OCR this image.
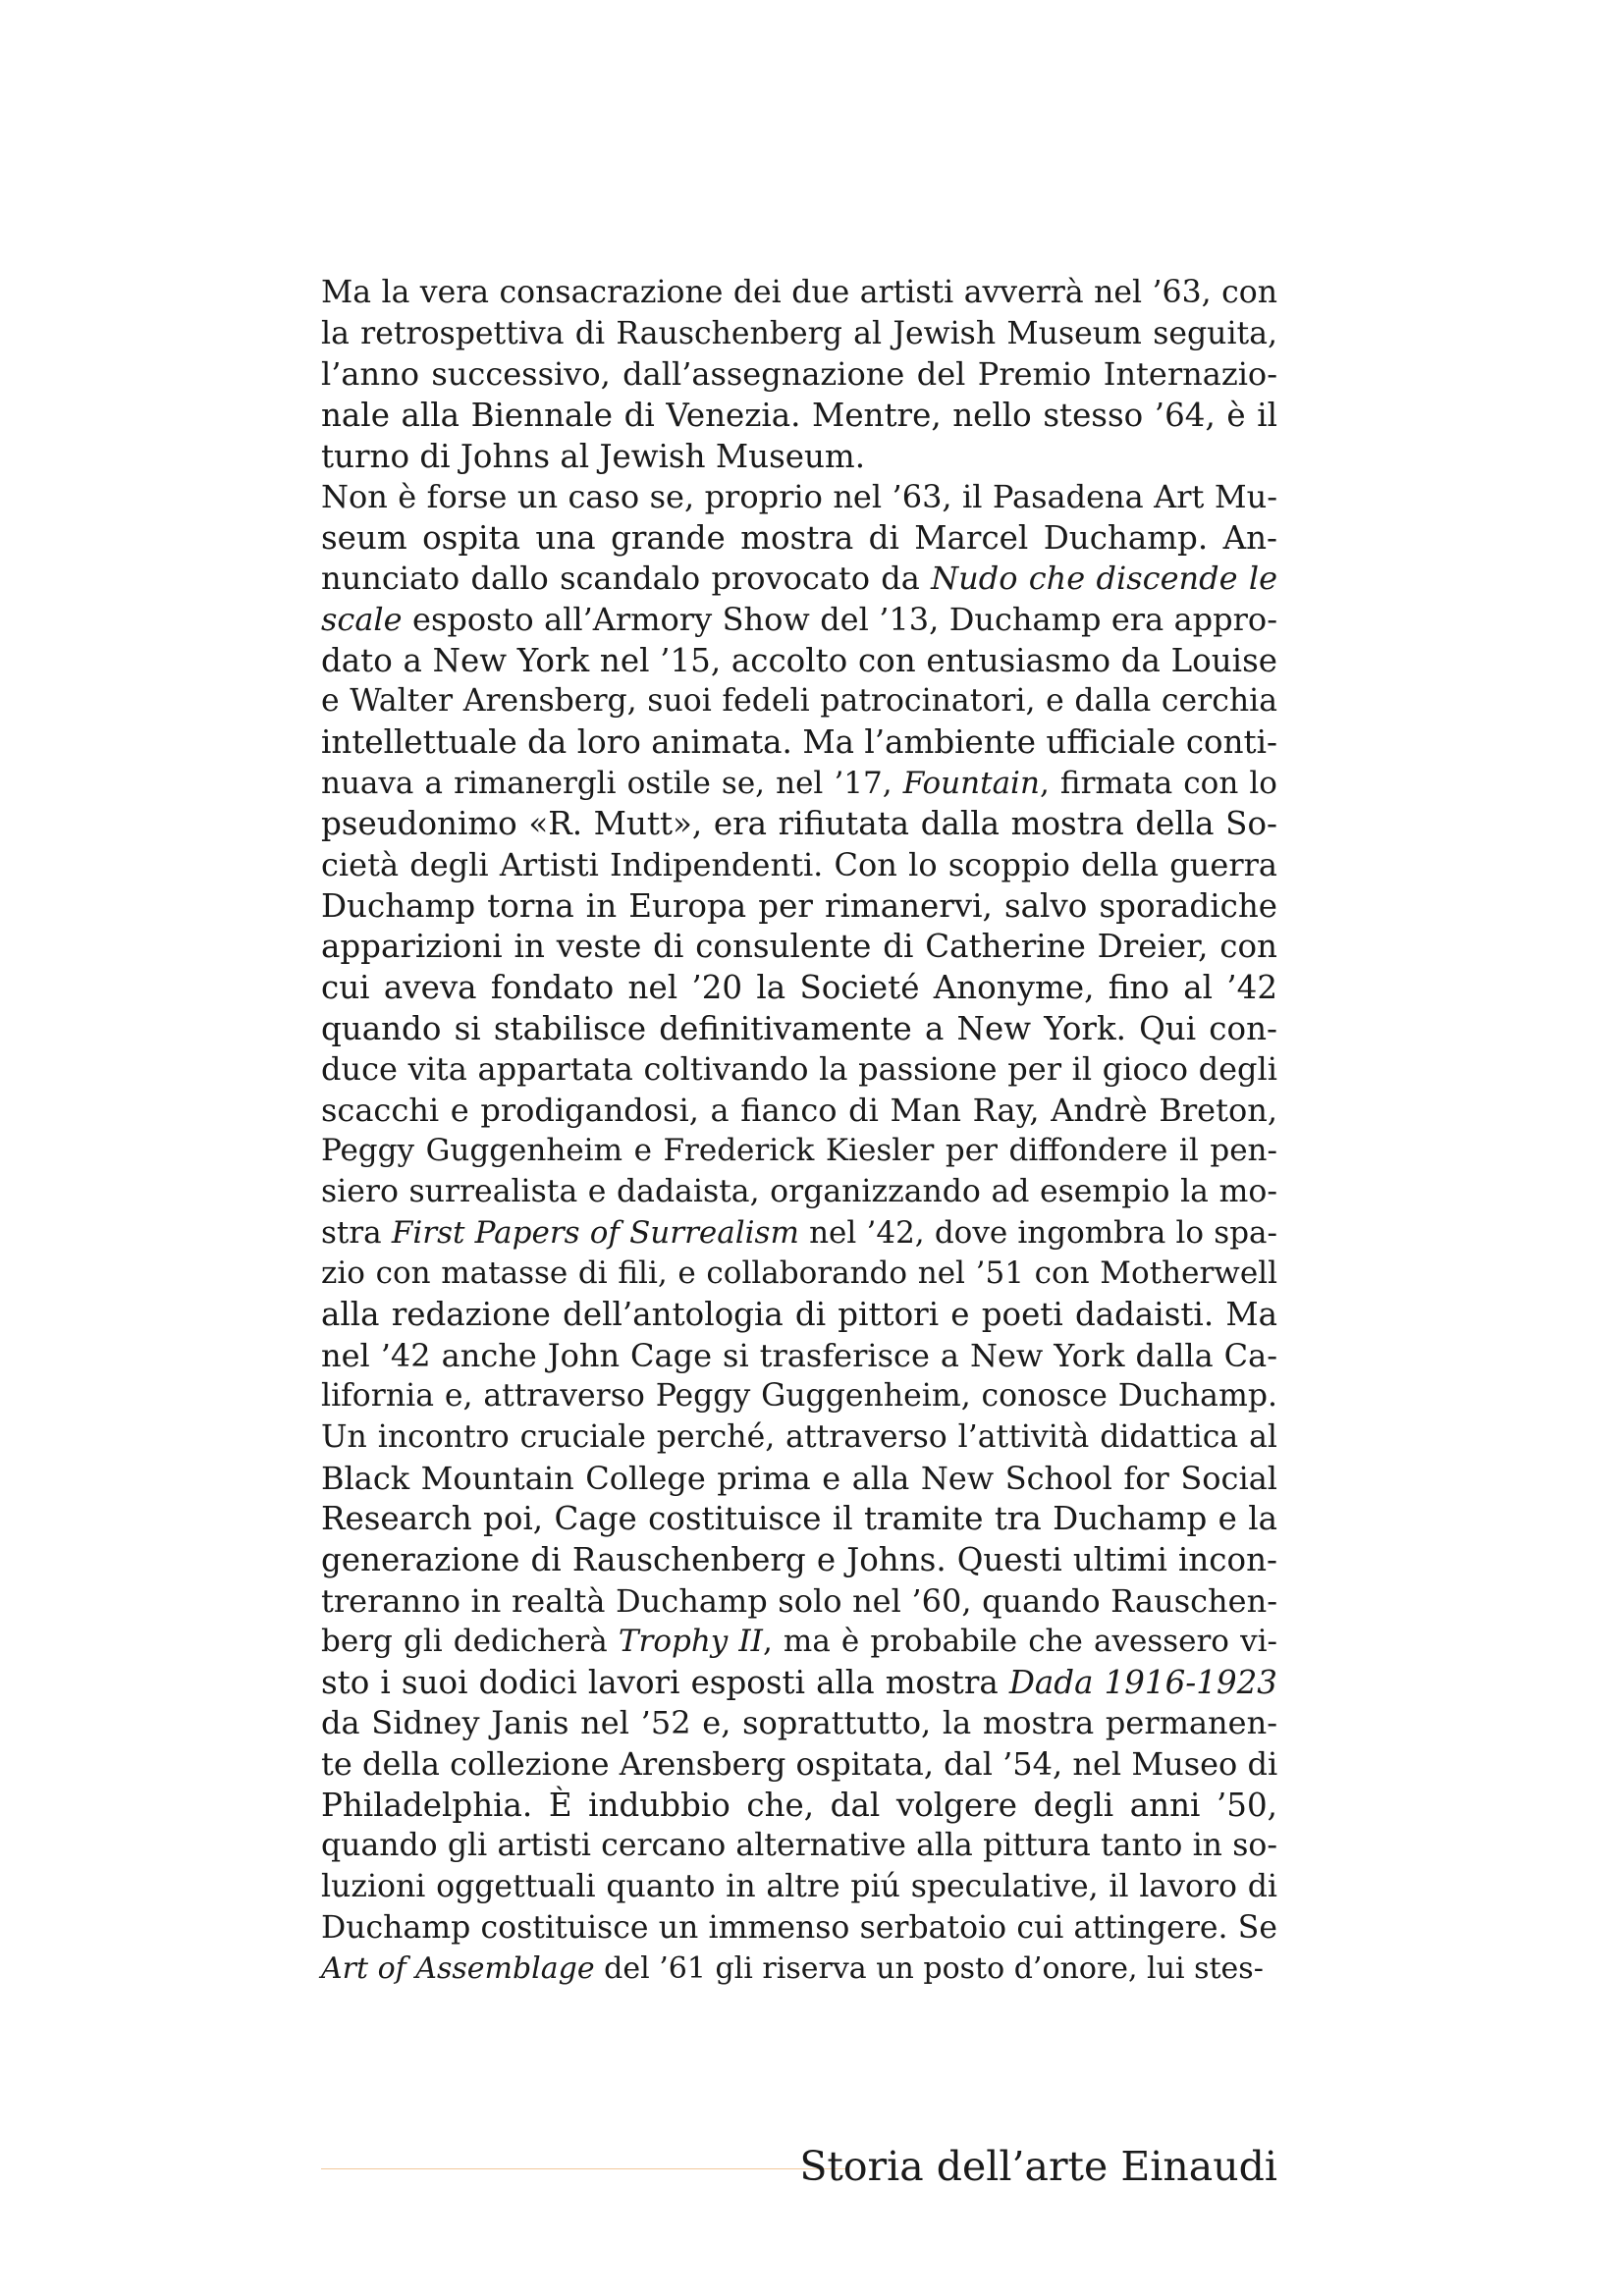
Ma la vera consacrazione dei due artisti avverrà nel ’63, con
la retrospettiva di Rauschenberg al Jewish Museum seguita,
l’anno successivo, dall’assegnazione del Premio Internazio-
nale alla Biennale di Venezia. Mentre, nello stesso ’64, è il
turno di Johns al Jewish Museum.
Non è forse un caso se, proprio nel ’63, il Pasadena Art Mu-
seum ospita una grande mostra di Marcel Duchamp. An-
nunciato dallo scandalo provocato da Nudo che discende le
scale esposto all’Armory Show del ’13, Duchamp era appro-
dato a New York nel ’15, accolto con entusiasmo da Louise
e Walter Arensberg, suoi fedeli patrocinatori, e dalla cerchia
intellettuale da loro animata. Ma l’ambiente ufficiale conti-
nuava a rimanergli ostile se, nel ’17, Fountain, firmata con lo
pseudonimo «R. Mutt», era rifiutata dalla mostra della So-
cietà degli Artisti Indipendenti. Con lo scoppio della guerra
Duchamp torna in Europa per rimanervi, salvo sporadiche
apparizioni in veste di consulente di Catherine Dreier, con
cui aveva fondato nel ’20 la Societé Anonyme, fino al ’42
quando si stabilisce definitivamente a New York. Qui con-
duce vita appartata coltivando la passione per il gioco degli
scacchi e prodigandosi, a fianco di Man Ray, Andrè Breton,
Peggy Guggenheim e Frederick Kiesler per diffondere il pen-
siero surrealista e dadaista, organizzando ad esempio la mo-
stra First Papers of Surrealism nel ’42, dove ingombra lo spa-
zio con matasse di fili, e collaborando nel ’51 con Motherwell
alla redazione dell’antologia di pittori e poeti dadaisti. Ma
nel ’42 anche John Cage si trasferisce a New York dalla Ca-
lifornia e, attraverso Peggy Guggenheim, conosce Duchamp.
Un incontro cruciale perché, attraverso l’attività didattica al
Black Mountain College prima e alla New School for Social
Research poi, Cage costituisce il tramite tra Duchamp e la
generazione di Rauschenberg e Johns. Questi ultimi incon-
treranno in realtà Duchamp solo nel ’60, quando Rauschen-
berg gli dedicherà Trophy II, ma è probabile che avessero vi-
sto i suoi dodici lavori esposti alla mostra Dada 1916-1923
da Sidney Janis nel ’52 e, soprattutto, la mostra permanen-
te della collezione Arensberg ospitata, dal ’54, nel Museo di
Philadelphia. È indubbio che, dal volgere degli anni ’50,
quando gli artisti cercano alternative alla pittura tanto in so-
luzioni oggettuali quanto in altre piú speculative, il lavoro di
Duchamp costituisce un immenso serbatoio cui attingere. Se
Art of Assemblage del ’61 gli riserva un posto d’onore, lui stes-
Storia dell’arte Einaudi
